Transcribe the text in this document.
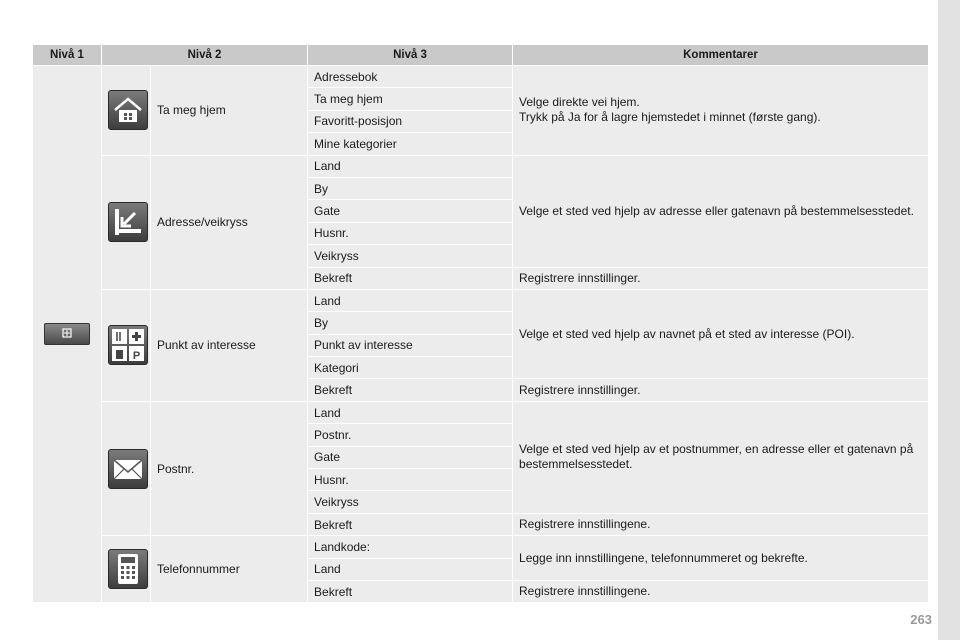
Nivå 1	Nivå 2		Nivå 3	Kommentarer

	Ta meg hjem	Adressebok	Velge direkte vei hjem.

Trykk på Ja for å lagre hjemstedet i minnet (første gang).

			Ta meg hjem	
			Favoritt-posisjon	
			Mine kategorier	

	Adresse/veikryss	Land	Velge et sted ved hjelp av adresse eller gatenavn på bestemmelsesstedet.
			By	
			Gate	
			Husnr.	
			Veikryss	
			Bekreft	Registrere innstillinger.

P	Punkt av interesse	Land	Velge et sted ved hjelp av navnet på et sted av interesse (POI).
			By	
			Punkt av interesse	
			Kategori	
			Bekreft	Registrere innstillinger.

	Postnr.	Land	Velge et sted ved hjelp av et postnummer, en adresse eller et gatenavn på bestemmelsesstedet.
			Postnr.	
			Gate	
			Husnr.	
			Veikryss	
			Bekreft	Registrere innstillingene.

	Telefonnummer	Landkode:	Legge inn innstillingene, telefonnummeret og bekrefte.
			Land	
			Bekreft	Registrere innstillingene.
263
